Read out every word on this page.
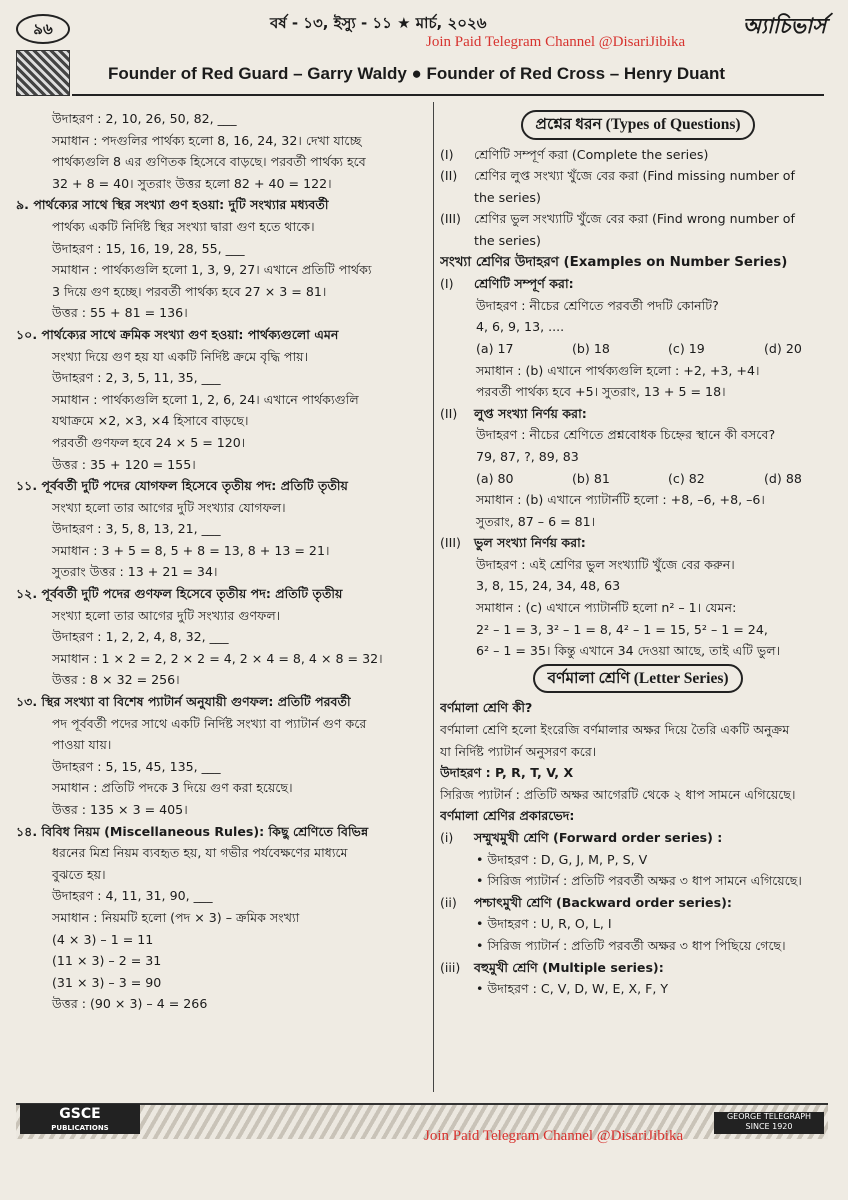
৯৬	বর্ষ - ১৩, ইস্যু - ১১ ★ মার্চ, ২০২৬	অ্যাচিভার্স
Join Paid Telegram Channel @DisariJibika
Founder of Red Guard – Garry Waldy ● Founder of Red Cross – Henry Duant
উদাহরণ : 2, 10, 26, 50, 82, ___
সমাধান : পদগুলির পার্থক্য হলো 8, 16, 24, 32। দেখা যাচ্ছে
পার্থক্যগুলি 8 এর গুণিতক হিসেবে বাড়ছে। পরবর্তী পার্থক্য হবে
32 + 8 = 40। সুতরাং উত্তর হলো 82 + 40 = 122।
৯. পার্থক্যের সাথে স্থির সংখ্যা গুণ হওয়া: দুটি সংখ্যার মধ্যবর্তী
পার্থক্য একটি নির্দিষ্ট স্থির সংখ্যা দ্বারা গুণ হতে থাকে।
উদাহরণ : 15, 16, 19, 28, 55, ___
সমাধান : পার্থক্যগুলি হলো 1, 3, 9, 27। এখানে প্রতিটি পার্থক্য
3 দিয়ে গুণ হচ্ছে। পরবর্তী পার্থক্য হবে 27 × 3 = 81।
উত্তর : 55 + 81 = 136।
১০. পার্থক্যের সাথে ক্রমিক সংখ্যা গুণ হওয়া: পার্থক্যগুলো এমন
সংখ্যা দিয়ে গুণ হয় যা একটি নির্দিষ্ট ক্রমে বৃদ্ধি পায়।
উদাহরণ : 2, 3, 5, 11, 35, ___
সমাধান : পার্থক্যগুলি হলো 1, 2, 6, 24। এখানে পার্থক্যগুলি
যথাক্রমে ×2, ×3, ×4 হিসাবে বাড়ছে।
পরবর্তী গুণফল হবে 24 × 5 = 120।
উত্তর : 35 + 120 = 155।
১১. পূর্ববর্তী দুটি পদের যোগফল হিসেবে তৃতীয় পদ: প্রতিটি তৃতীয়
সংখ্যা হলো তার আগের দুটি সংখ্যার যোগফল।
উদাহরণ : 3, 5, 8, 13, 21, ___
সমাধান : 3 + 5 = 8, 5 + 8 = 13, 8 + 13 = 21।
সুতরাং উত্তর : 13 + 21 = 34।
১২. পূর্ববর্তী দুটি পদের গুণফল হিসেবে তৃতীয় পদ: প্রতিটি তৃতীয়
সংখ্যা হলো তার আগের দুটি সংখ্যার গুণফল।
উদাহরণ : 1, 2, 2, 4, 8, 32, ___
সমাধান : 1 × 2 = 2, 2 × 2 = 4, 2 × 4 = 8, 4 × 8 = 32।
উত্তর : 8 × 32 = 256।
১৩. স্থির সংখ্যা বা বিশেষ প্যাটার্ন অনুযায়ী গুণফল: প্রতিটি পরবর্তী
পদ পূর্ববর্তী পদের সাথে একটি নির্দিষ্ট সংখ্যা বা প্যাটার্ন গুণ করে
পাওয়া যায়।
উদাহরণ : 5, 15, 45, 135, ___
সমাধান : প্রতিটি পদকে 3 দিয়ে গুণ করা হয়েছে।
উত্তর : 135 × 3 = 405।
১৪. বিবিধ নিয়ম (Miscellaneous Rules): কিছু শ্রেণিতে বিভিন্ন
ধরনের মিশ্র নিয়ম ব্যবহৃত হয়, যা গভীর পর্যবেক্ষণের মাধ্যমে
বুঝতে হয়।
উদাহরণ : 4, 11, 31, 90, ___
সমাধান : নিয়মটি হলো (পদ × 3) – ক্রমিক সংখ্যা
(4 × 3) – 1 = 11
(11 × 3) – 2 = 31
(31 × 3) – 3 = 90
উত্তর : (90 × 3) – 4 = 266
প্রশ্নের ধরন (Types of Questions)
(I) শ্রেণিটি সম্পূর্ণ করা (Complete the series)
(II) শ্রেণির লুপ্ত সংখ্যা খুঁজে বের করা (Find missing number of
the series)
(III) শ্রেণির ভুল সংখ্যাটি খুঁজে বের করা (Find wrong number of
the series)
সংখ্যা শ্রেণির উদাহরণ (Examples on Number Series)
(I) শ্রেণিটি সম্পূর্ণ করা:
উদাহরণ : নীচের শ্রেণিতে পরবর্তী পদটি কোনটি?
4, 6, 9, 13, ....
(a) 17	(b) 18	(c) 19	(d) 20
সমাধান : (b) এখানে পার্থক্যগুলি হলো : +2, +3, +4।
পরবর্তী পার্থক্য হবে +5। সুতরাং, 13 + 5 = 18।
(II) লুপ্ত সংখ্যা নির্ণয় করা:
উদাহরণ : নীচের শ্রেণিতে প্রশ্নবোধক চিহ্নের স্থানে কী বসবে?
79, 87, ?, 89, 83
(a) 80	(b) 81	(c) 82	(d) 88
সমাধান : (b) এখানে প্যাটার্নটি হলো : +8, –6, +8, –6।
সুতরাং, 87 – 6 = 81।
(III) ভুল সংখ্যা নির্ণয় করা:
উদাহরণ : এই শ্রেণির ভুল সংখ্যাটি খুঁজে বের করুন।
3, 8, 15, 24, 34, 48, 63
সমাধান : (c) এখানে প্যাটার্নটি হলো n² – 1। যেমন:
2² – 1 = 3, 3² – 1 = 8, 4² – 1 = 15, 5² – 1 = 24,
6² – 1 = 35। কিন্তু এখানে 34 দেওয়া আছে, তাই এটি ভুল।
বর্ণমালা শ্রেণি (Letter Series)
বর্ণমালা শ্রেণি কী?
বর্ণমালা শ্রেণি হলো ইংরেজি বর্ণমালার অক্ষর দিয়ে তৈরি একটি অনুক্রম
যা নির্দিষ্ট প্যাটার্ন অনুসরণ করে।
উদাহরণ : P, R, T, V, X
সিরিজ প্যাটার্ন : প্রতিটি অক্ষর আগেরটি থেকে ২ ধাপ সামনে এগিয়েছে।
বর্ণমালা শ্রেণির প্রকারভেদ:
(i) সম্মুখমুখী শ্রেণি (Forward order series) :
• উদাহরণ : D, G, J, M, P, S, V
• সিরিজ প্যাটার্ন : প্রতিটি পরবর্তী অক্ষর ৩ ধাপ সামনে এগিয়েছে।
(ii) পশ্চাৎমুখী শ্রেণি (Backward order series):
• উদাহরণ : U, R, O, L, I
• সিরিজ প্যাটার্ন : প্রতিটি পরবর্তী অক্ষর ৩ ধাপ পিছিয়ে গেছে।
(iii) বহুমুখী শ্রেণি (Multiple series):
• উদাহরণ : C, V, D, W, E, X, F, Y
GSCE
PUBLICATIONS
GEORGE TELEGRAPH
SINCE 1920
Join Paid Telegram Channel @DisariJibika
